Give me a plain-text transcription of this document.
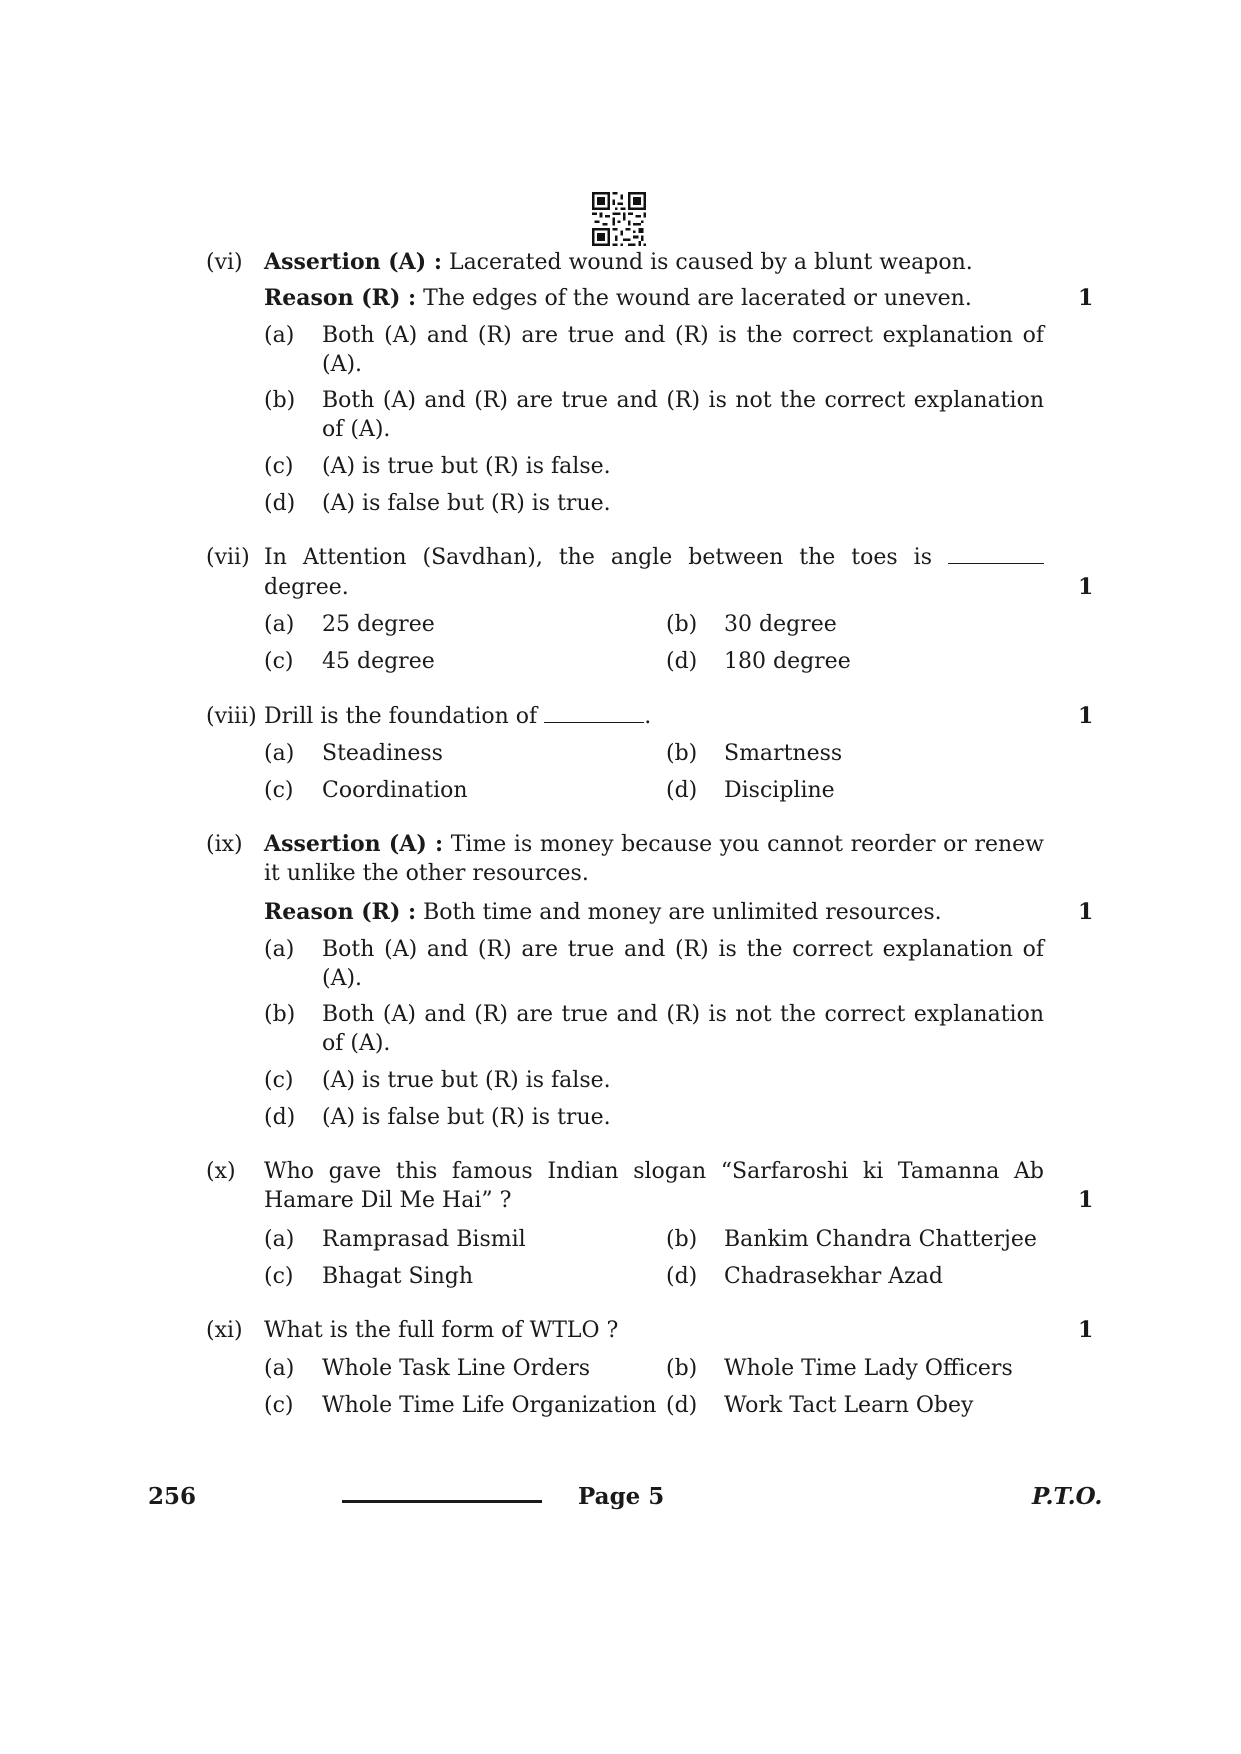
(vi) Assertion (A) : Lacerated wound is caused by a blunt weapon.
Reason (R) : The edges of the wound are lacerated or uneven.	1
(a) Both (A) and (R) are true and (R) is the correct explanation of
(A).
(b) Both (A) and (R) are true and (R) is not the correct explanation
of (A).
(c) (A) is true but (R) is false.
(d) (A) is false but (R) is true.
(vii) In Attention (Savdhan), the angle between the toes is
degree.	1
(a) 25 degree	(b) 30 degree
(c) 45 degree	(d) 180 degree
(viii) Drill is the foundation of	.	1
(a) Steadiness	(b) Smartness
(c) Coordination	(d) Discipline
(ix) Assertion (A) : Time is money because you cannot reorder or renew
it unlike the other resources.
Reason (R) : Both time and money are unlimited resources.	1
(a) Both (A) and (R) are true and (R) is the correct explanation of
(A).
(b) Both (A) and (R) are true and (R) is not the correct explanation
of (A).
(c) (A) is true but (R) is false.
(d) (A) is false but (R) is true.
(x) Who gave this famous Indian slogan “Sarfaroshi ki Tamanna Ab
Hamare Dil Me Hai” ?	1
(a) Ramprasad Bismil	(b) Bankim Chandra Chatterjee
(c) Bhagat Singh	(d) Chadrasekhar Azad
(xi) What is the full form of WTLO ?	1
(a) Whole Task Line Orders	(b) Whole Time Lady Officers
(c) Whole Time Life Organization (d) Work Tact Learn Obey
256	Page 5	P.T.O.
